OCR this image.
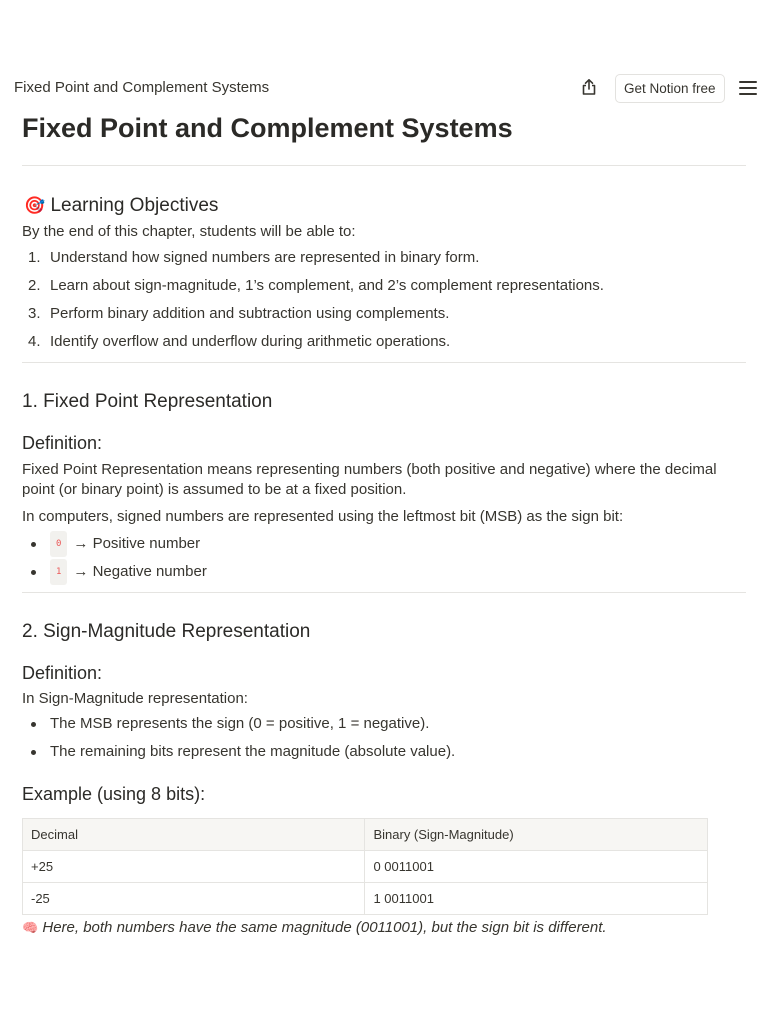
Fixed Point and Complement Systems	Get Notion free
Fixed Point and Complement Systems
🎯 Learning Objectives
By the end of this chapter, students will be able to:
1. Understand how signed numbers are represented in binary form.
2. Learn about sign-magnitude, 1’s complement, and 2’s complement representations.
3. Perform binary addition and subtraction using complements.
4. Identify overflow and underflow during arithmetic operations.
1. Fixed Point Representation
Definition:
Fixed Point Representation means representing numbers (both positive and negative) where the decimal point (or binary point) is assumed to be at a fixed position.
In computers, signed numbers are represented using the leftmost bit (MSB) as the sign bit:
0 → Positive number
1 → Negative number
2. Sign-Magnitude Representation
Definition:
In Sign-Magnitude representation:
The MSB represents the sign (0 = positive, 1 = negative).
The remaining bits represent the magnitude (absolute value).
Example (using 8 bits):
Decimal	Binary (Sign-Magnitude)
+25	0 0011001
-25	1 0011001
🧠 Here, both numbers have the same magnitude (0011001), but the sign bit is different.
